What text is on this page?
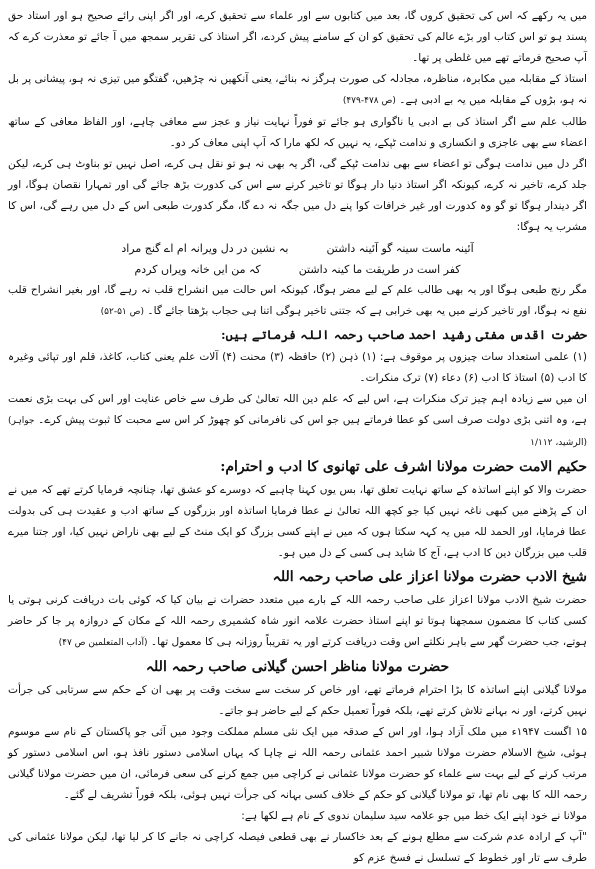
میں یہ رکھے کہ اس کی تحقیق کروں گا، بعد میں کتابوں سے اور علماء سے تحقیق کرے، اور اگر اپنی رائے صحیح ہو اور استاد حق پسند ہو تو اس کتاب اور بڑے عالم کی تحقیق کو ان کے سامنے پیش کردے، اگر استاذ کی تقریر سمجھ میں آ جائے تو معذرت کرے کہ آپ صحیح فرماتے تھے میں غلطی پر تھا۔

استاذ کے مقابلہ میں مکابرہ، مناظرہ، مجادلہ کی صورت ہرگز نہ بنائے، یعنی آنکھیں نہ چڑھیں، گفتگو میں تیزی نہ ہو، پیشانی پر بل نہ ہو، بڑوں کے مقابلہ میں یہ بے ادبی ہے۔ (ص ۴۷۸-۴۷۹)

طالب علم سے اگر استاذ کی بے ادبی یا ناگواری ہو جائے تو فوراً نہایت نیاز و عجز سے معافی چاہے، اور الفاظ معافی کے ساتھ اعضاء سے بھی عاجزی و انکساری و ندامت ٹپکے، یہ نہیں کہ لکھ مارا کہ آپ اپنی معاف کر دو۔

اگر دل میں ندامت ہوگی تو اعضاء سے بھی ندامت ٹپکے گی، اگر یہ بھی نہ ہو تو نقل ہی کرے، اصل نہیں تو بناوٹ ہی کرے، لیکن جلد کرے، تاخیر نہ کرے، کیونکہ اگر استاذ دنیا دار ہوگا تو تاخیر کرنے سے اس کی کدورت بڑھ جائے گی اور تمہارا نقصان ہوگا، اور اگر دیندار ہوگا تو گو وہ کدورت اور غیر خرافات کوا پنے دل میں جگہ نہ دے گا، مگر کدورت طبعی اس کے دل میں رہے گی، اس کا مشرب یہ ہوگا:

آئینہ ماست سینہ گو آئینہ داشتن
بہ نشین در دل ویرانہ ام اے گنج مراد

کفر است در طریقت ما کینہ داشتن
کہ من ایں خانہ ویراں کردم

مگر رنج طبعی ہوگا اور یہ بھی طالب علم کے لیے مضر ہوگا، کیونکہ اس حالت میں انشراح قلب نہ رہے گا، اور بغیر انشراح قلب نفع نہ ہوگا، اور تاخیر کرنے میں یہ بھی خرابی ہے کہ جتنی تاخیر ہوگی اتنا ہی حجاب بڑھتا جائے گا۔ (ص ۵۱-۵۲)

حضرت اقدس مفتی رشید احمد صاحب رحمہ اللہ فرماتے ہیں:

(۱) علمی استعداد سات چیزوں پر موقوف ہے: (۱) ذہن (۲) حافظہ (۳) محنت (۴) آلات علم یعنی کتاب، کاغذ، قلم اور تپائی وغیرہ کا ادب (۵) استاذ کا ادب (۶) دعاء (۷) ترک منکرات۔

ان میں سے زیادہ اہم چیز ترک منکرات ہے، اس لیے کہ علم دین اللہ تعالیٰ کی طرف سے خاص عنایت اور اس کی بہت بڑی نعمت ہے، وہ اتنی بڑی دولت صرف اسی کو عطا فرماتے ہیں جو اس کی نافرمانی کو چھوڑ کر اس سے محبت کا ثبوت پیش کرے۔ (جواہر الرشید، ۱/۱۱۲)

حکیم الامت حضرت مولانا اشرف علی تھانوی کا ادب و احترام:

حضرت والا کو اپنے اساتذہ کے ساتھ نہایت تعلق تھا، بس یوں کہنا چاہیے کہ دوسرے کو عشق تھا، چنانچہ فرمایا کرتے تھے کہ میں نے ان کے پڑھنے میں کبھی ناغہ نہیں کیا جو کچھ اللہ تعالیٰ نے عطا فرمایا اساتذہ اور بزرگوں کے ساتھ ادب و عقیدت ہی کی بدولت عطا فرمایا، اور الحمد للہ میں یہ کہہ سکتا ہوں کہ میں نے اپنے کسی بزرگ کو ایک منٹ کے لیے بھی ناراض نہیں کیا، اور جتنا میرے قلب میں بزرگان دین کا ادب ہے، آج کا شاید ہی کسی کے دل میں ہو۔

شیخ الادب حضرت مولانا اعزاز علی صاحب رحمہ اللہ

حضرت شیخ الادب مولانا اعزاز علی صاحب رحمہ اللہ کے بارے میں متعدد حضرات نے بیان کیا کہ کوئی بات دریافت کرنی ہوتی یا کسی کتاب کا مضمون سمجھنا ہوتا تو اپنے استاذ حضرت علامہ انور شاہ کشمیری رحمہ اللہ کے مکان کے دروازہ پر جا کر حاضر ہوتے، جب حضرت گھر سے باہر نکلتے اس وقت دریافت کرتے اور یہ تقریباً روزانہ ہی کا معمول تھا۔ (آداب المتعلمین ص ۴۷)

حضرت مولانا مناظر احسن گیلانی صاحب رحمہ اللہ

مولانا گیلانی اپنے اساتذہ کا بڑا احترام فرماتے تھے، اور خاص کر سخت سے سخت وقت پر بھی ان کے حکم سے سرتابی کی جرأت نہیں کرتے، اور نہ بہانے تلاش کرتے تھے، بلکہ فوراً تعمیل حکم کے لیے حاضر ہو جاتے۔

۱۵ اگست ۱۹۴۷ء میں ملک آزاد ہوا، اور اس کے صدقہ میں ایک نئی مسلم مملکت وجود میں آئی جو پاکستان کے نام سے موسوم ہوئی، شیخ الاسلام حضرت مولانا شبیر احمد عثمانی رحمہ اللہ نے چاہا کہ یہاں اسلامی دستور نافذ ہو، اس اسلامی دستور کو مرتب کرنے کے لیے بہت سے علماء کو حضرت مولانا عثمانی نے کراچی میں جمع کرنے کی سعی فرمائی، ان میں حضرت مولانا گیلانی رحمہ اللہ کا بھی نام تھا، تو مولانا گیلانی کو حکم کے خلاف کسی بہانہ کی جرأت نہیں ہوئی، بلکہ فوراً تشریف لے گئے۔

مولانا نے خود اپنے ایک خط میں جو علامہ سید سلیمان ندوی کے نام ہے لکھا ہے:

"آپ کے ارادہ عدم شرکت سے مطلع ہونے کے بعد خاکسار نے بھی قطعی فیصلہ کراچی نہ جانے کا کر لیا تھا، لیکن مولانا عثمانی کی طرف سے تار اور خطوط کے تسلسل نے فسخ عزم کو
